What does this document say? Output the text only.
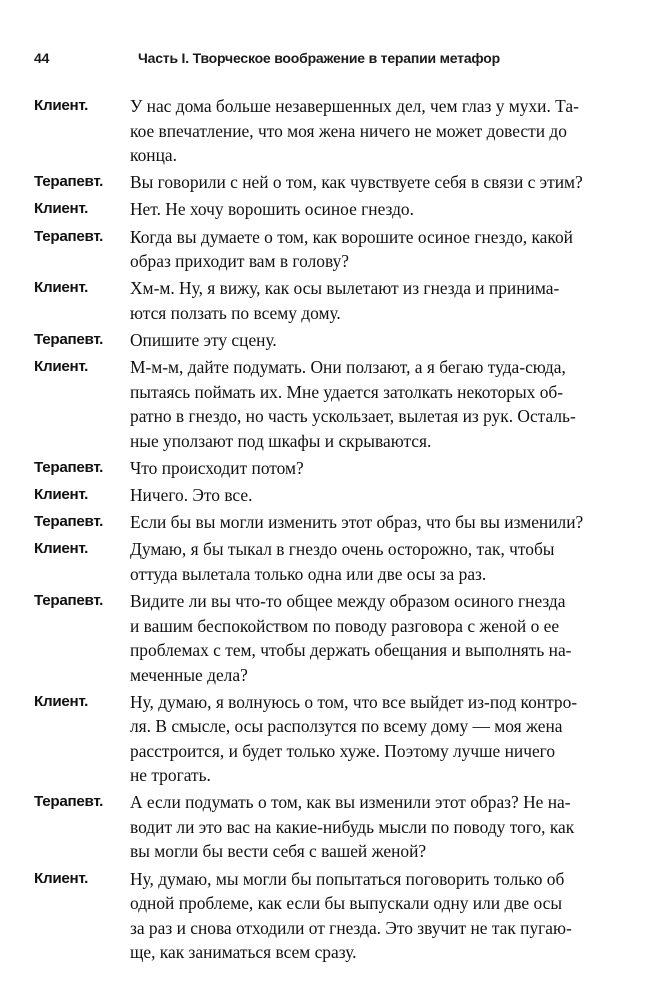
44	Часть I. Творческое воображение в терапии метафор
Клиент.	У нас дома больше незавершенных дел, чем глаз у мухи. Та-
кое впечатление, что моя жена ничего не может довести до
конца.
Терапевт.	Вы говорили с ней о том, как чувствуете себя в связи с этим?
Клиент.	Нет. Не хочу ворошить осиное гнездо.
Терапевт.	Когда вы думаете о том, как ворошите осиное гнездо, какой
образ приходит вам в голову?
Клиент.	Хм-м. Ну, я вижу, как осы вылетают из гнезда и принима-
ются ползать по всему дому.
Терапевт.	Опишите эту сцену.
Клиент.	М-м-м, дайте подумать. Они ползают, а я бегаю туда-сюда,
пытаясь поймать их. Мне удается затолкать некоторых об-
ратно в гнездо, но часть ускользает, вылетая из рук. Осталь-
ные уползают под шкафы и скрываются.
Терапевт.	Что происходит потом?
Клиент.	Ничего. Это все.
Терапевт.	Если бы вы могли изменить этот образ, что бы вы изменили?
Клиент.	Думаю, я бы тыкал в гнездо очень осторожно, так, чтобы
оттуда вылетала только одна или две осы за раз.
Терапевт.	Видите ли вы что-то общее между образом осиного гнезда
и вашим беспокойством по поводу разговора с женой о ее
проблемах с тем, чтобы держать обещания и выполнять на-
меченные дела?
Клиент.	Ну, думаю, я волнуюсь о том, что все выйдет из-под контро-
ля. В смысле, осы расползутся по всему дому — моя жена
расстроится, и будет только хуже. Поэтому лучше ничего
не трогать.
Терапевт.	А если подумать о том, как вы изменили этот образ? Не на-
водит ли это вас на какие-нибудь мысли по поводу того, как
вы могли бы вести себя с вашей женой?
Клиент.	Ну, думаю, мы могли бы попытаться поговорить только об
одной проблеме, как если бы выпускали одну или две осы
за раз и снова отходили от гнезда. Это звучит не так пугаю-
ще, как заниматься всем сразу.
